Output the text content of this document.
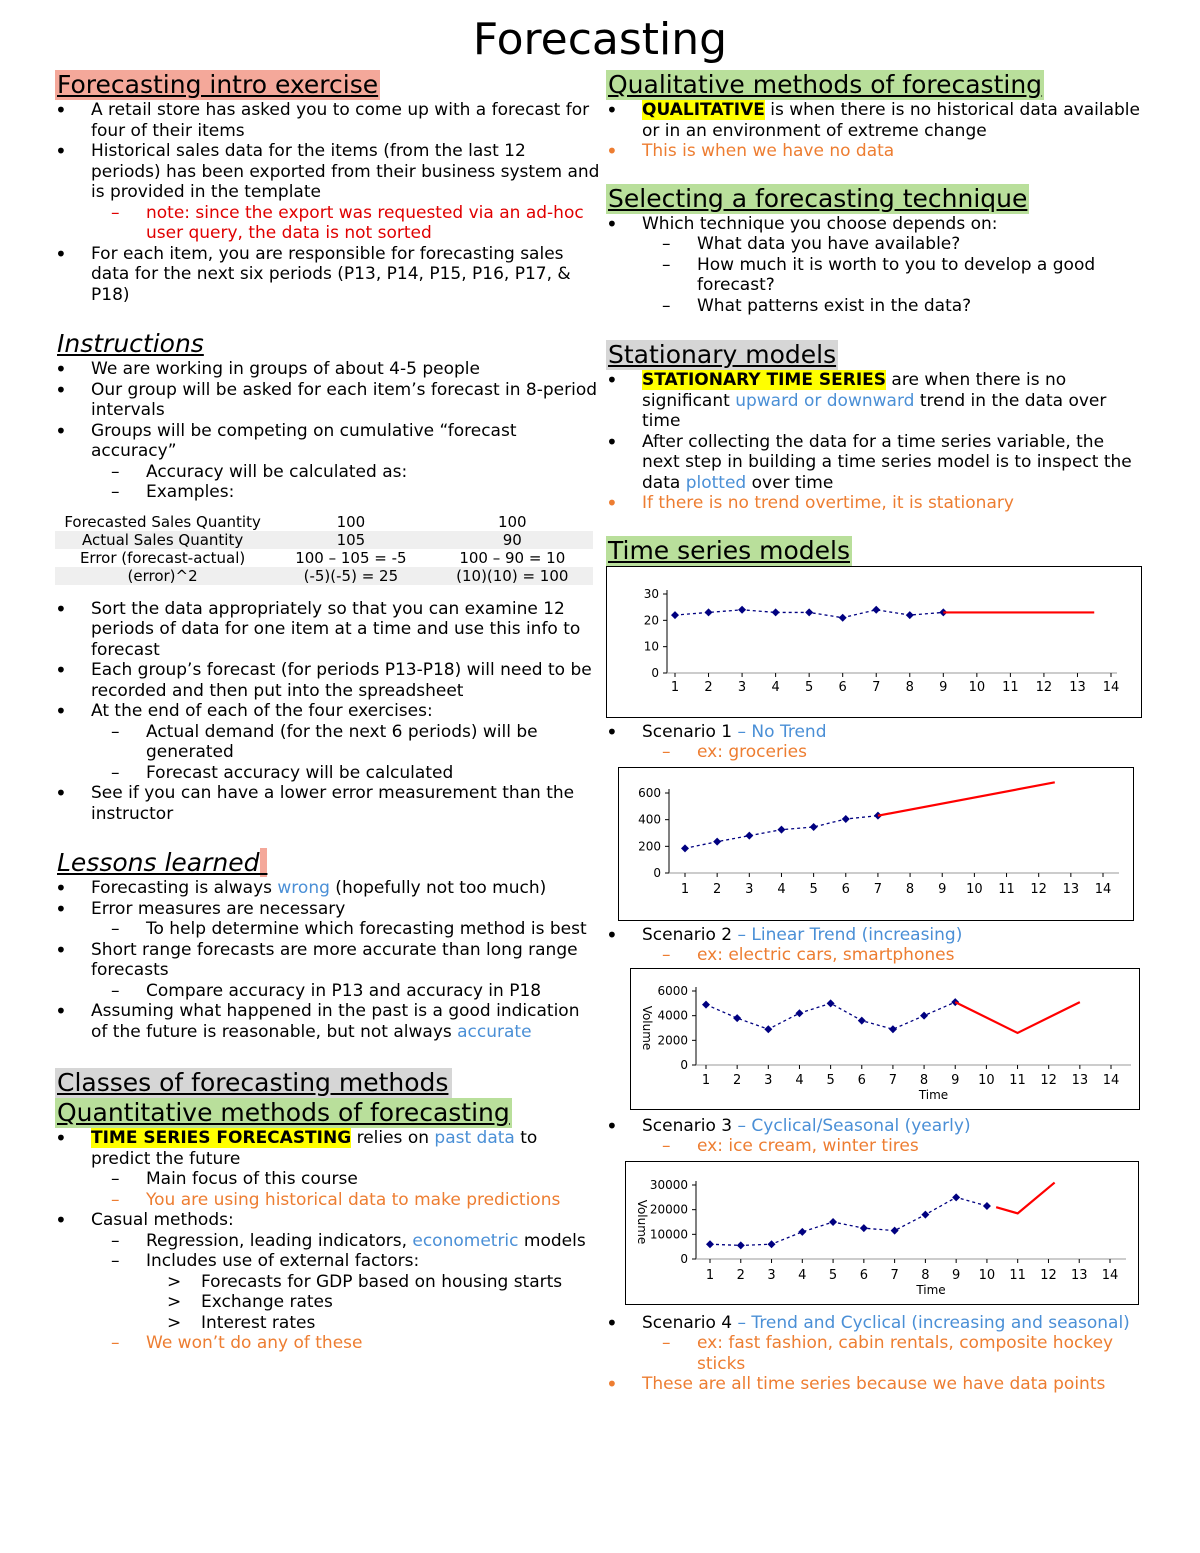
Forecasting
Forecasting intro exercise
• A retail store has asked you to come up with a forecast for four of their items
• Historical sales data for the items (from the last 12 periods) has been exported from their business system and is provided in the template
– note: since the export was requested via an ad-hoc user query, the data is not sorted
• For each item, you are responsible for forecasting sales data for the next six periods (P13, P14, P15, P16, P17, & P18)
Instructions
• We are working in groups of about 4-5 people
• Our group will be asked for each item’s forecast in 8-period intervals
• Groups will be competing on cumulative “forecast accuracy”
– Accuracy will be calculated as:
– Examples:
Forecasted Sales Quantity	100	100
Actual Sales Quantity	105	90
Error (forecast-actual)	100 – 105 = -5	100 – 90 = 10
(error)^2	(-5)(-5) = 25	(10)(10) = 100
• Sort the data appropriately so that you can examine 12 periods of data for one item at a time and use this info to forecast
• Each group’s forecast (for periods P13-P18) will need to be recorded and then put into the spreadsheet
• At the end of each of the four exercises:
– Actual demand (for the next 6 periods) will be generated
– Forecast accuracy will be calculated
• See if you can have a lower error measurement than the instructor
Lessons learned
• Forecasting is always wrong (hopefully not too much)
• Error measures are necessary
– To help determine which forecasting method is best
• Short range forecasts are more accurate than long range forecasts
– Compare accuracy in P13 and accuracy in P18
• Assuming what happened in the past is a good indication of the future is reasonable, but not always accurate
Classes of forecasting methods
Quantitative methods of forecasting
• TIME SERIES FORECASTING relies on past data to predict the future
– Main focus of this course
– You are using historical data to make predictions
• Casual methods:
– Regression, leading indicators, econometric models
– Includes use of external factors:
> Forecasts for GDP based on housing starts
> Exchange rates
> Interest rates
– We won’t do any of these
Qualitative methods of forecasting
• QUALITATIVE is when there is no historical data available or in an environment of extreme change
• This is when we have no data
Selecting a forecasting technique
• Which technique you choose depends on:
– What data you have available?
– How much it is worth to you to develop a good forecast?
– What patterns exist in the data?
Stationary models
• STATIONARY TIME SERIES are when there is no significant upward or downward trend in the data over time
• After collecting the data for a time series variable, the next step in building a time series model is to inspect the data plotted over time
• If there is no trend overtime, it is stationary
Time series models
0
10
20
30
1 2 3 4 5 6 7 8 9 10 11 12 13 14
• Scenario 1 – No Trend
– ex: groceries
0
200
400
600
1 2 3 4 5 6 7 8 9 10 11 12 13 14
• Scenario 2 – Linear Trend (increasing)
– ex: electric cars, smartphones
0
2000
4000
6000
1 2 3 4 5 6 7 8 9 10 11 12 13 14
Time
Volume
• Scenario 3 – Cyclical/Seasonal (yearly)
– ex: ice cream, winter tires
0
10000
20000
30000
1 2 3 4 5 6 7 8 9 10 11 12 13 14
Time
Volume
• Scenario 4 – Trend and Cyclical (increasing and seasonal)
– ex: fast fashion, cabin rentals, composite hockey sticks
• These are all time series because we have data points
